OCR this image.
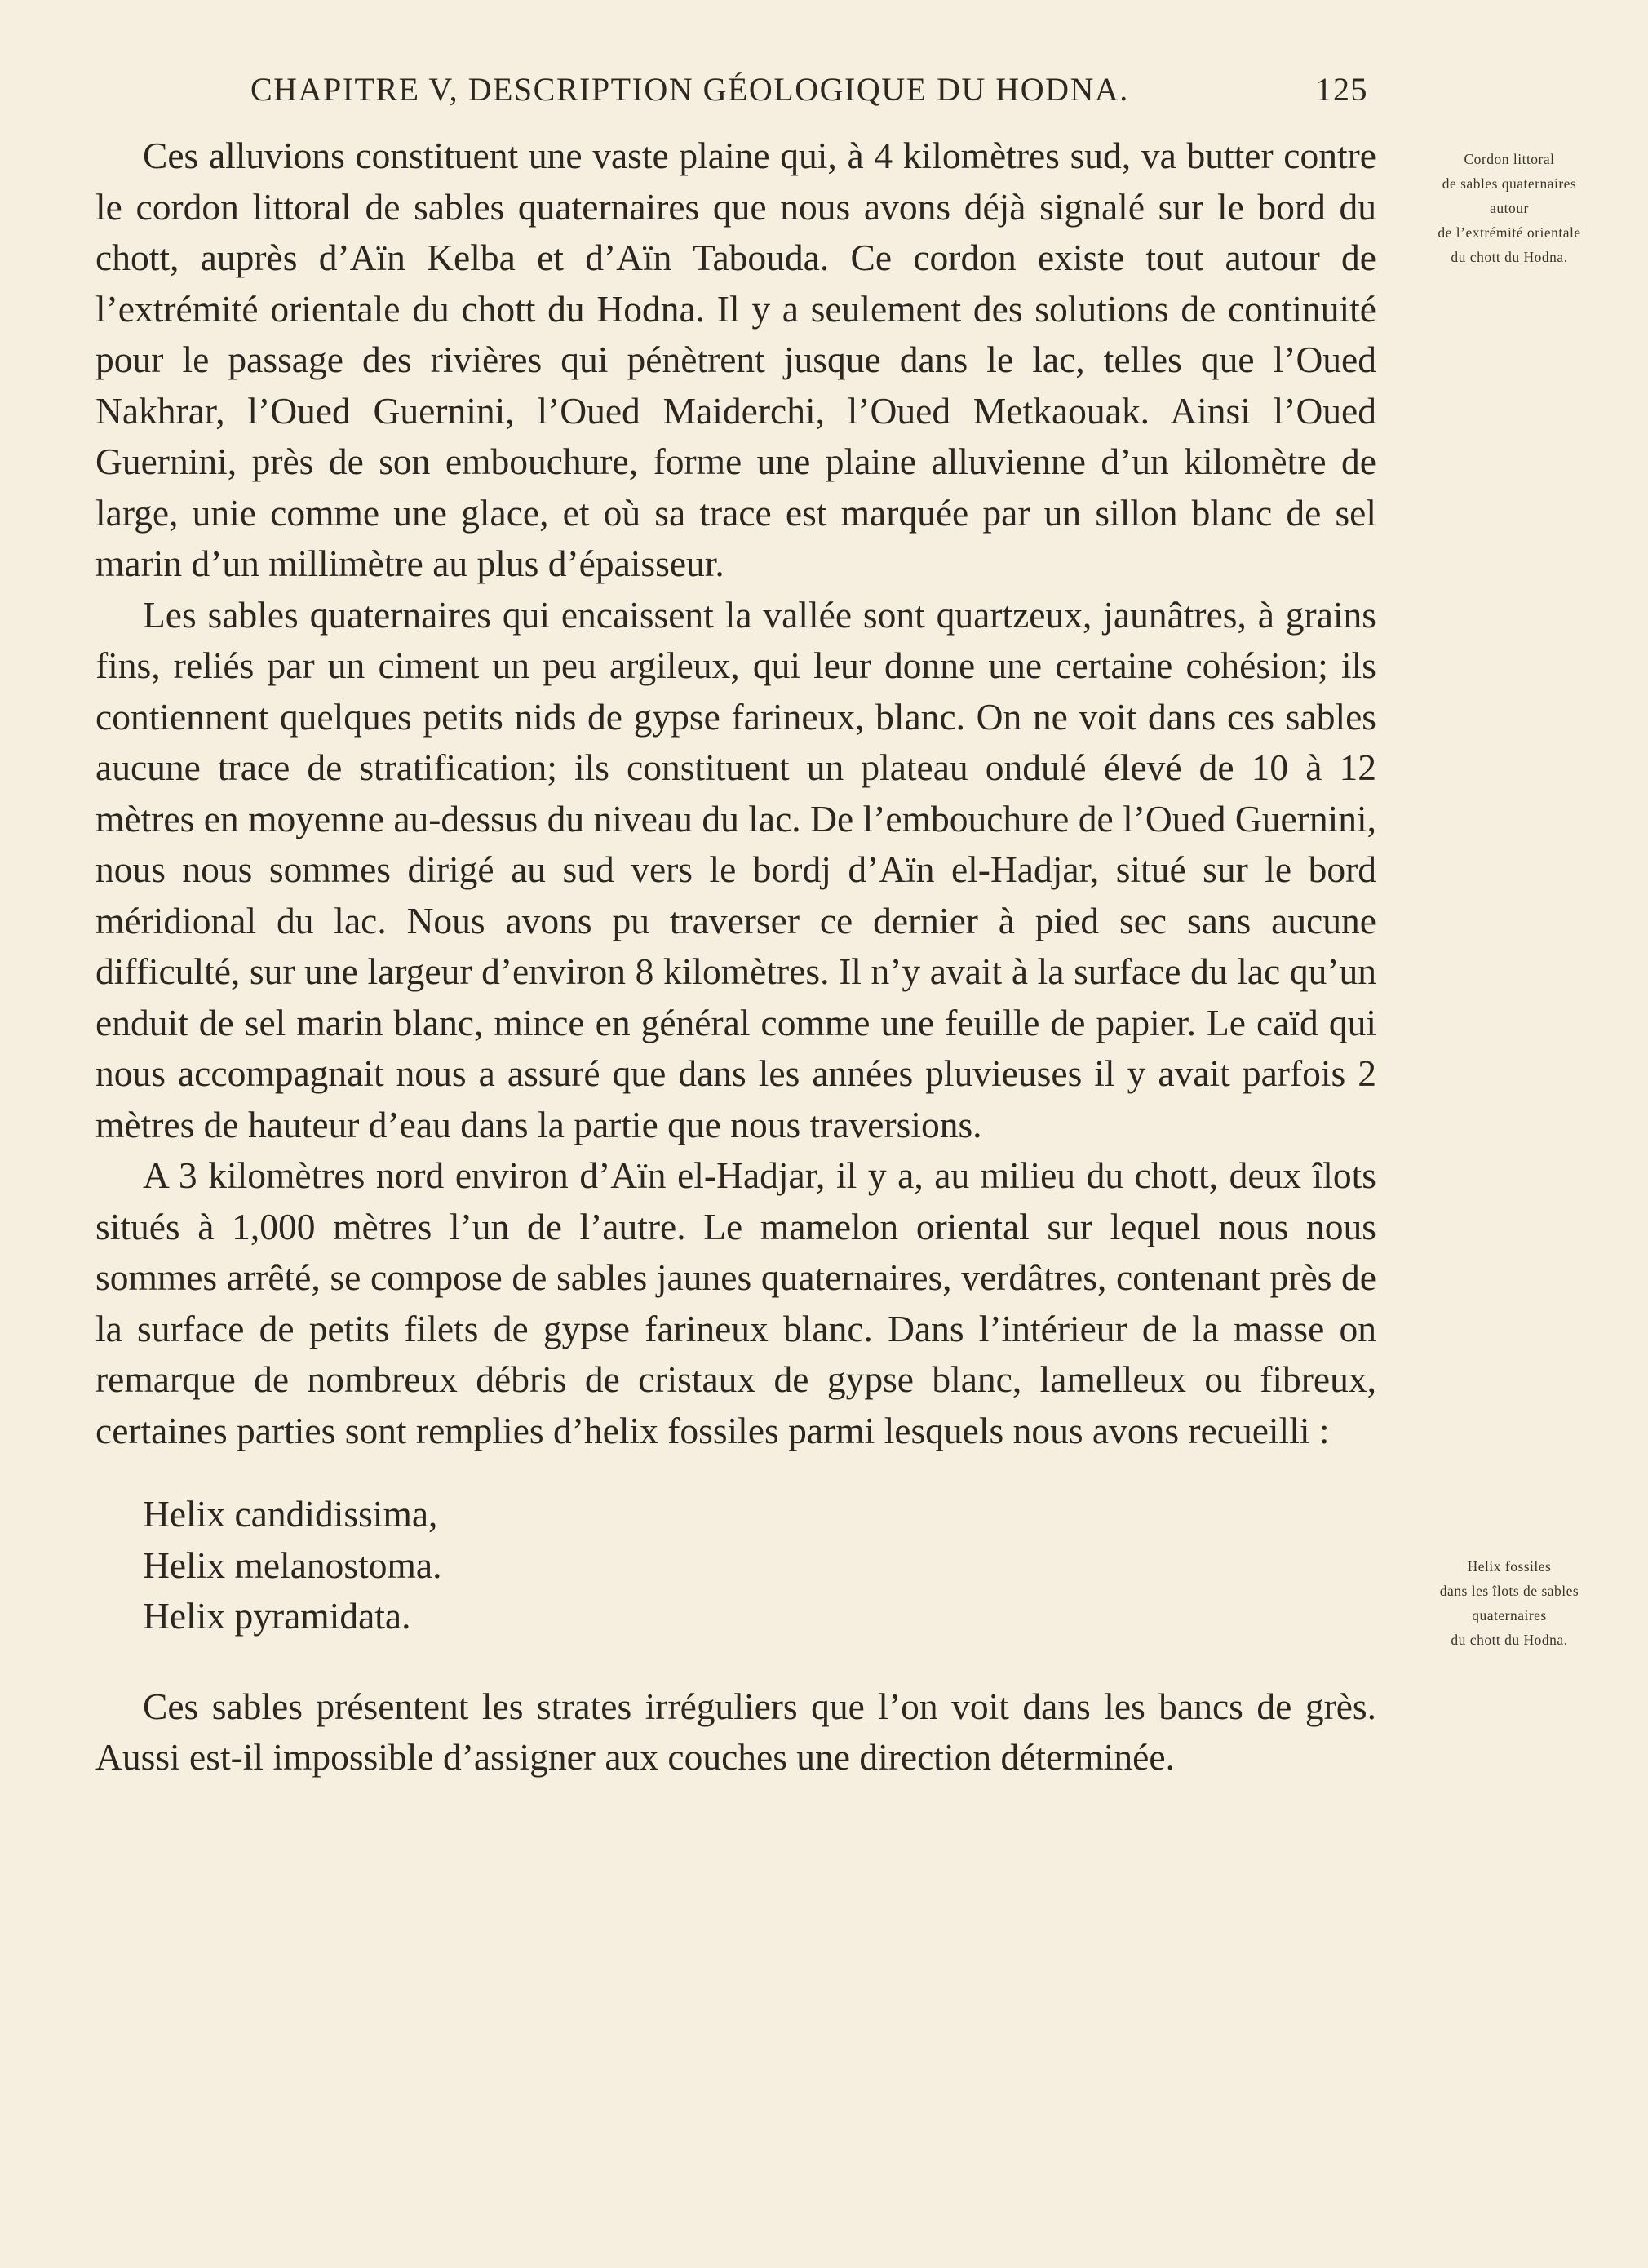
CHAPITRE V, DESCRIPTION GÉOLOGIQUE DU HODNA.	125

Ces alluvions constituent une vaste plaine qui, à 4 kilomètres sud, va butter contre le cordon littoral de sables quaternaires que nous avons déjà signalé sur le bord du chott, auprès d’Aïn Kelba et d’Aïn Tabouda. Ce cordon existe tout autour de l’extrémité orientale du chott du Hodna. Il y a seulement des solutions de continuité pour le passage des rivières qui pénètrent jusque dans le lac, telles que l’Oued Nakhrar, l’Oued Guernini, l’Oued Maiderchi, l’Oued Metkaouak. Ainsi l’Oued Guernini, près de son embouchure, forme une plaine alluvienne d’un kilomètre de large, unie comme une glace, et où sa trace est marquée par un sillon blanc de sel marin d’un millimètre au plus d’épaisseur.

Les sables quaternaires qui encaissent la vallée sont quartzeux, jaunâtres, à grains fins, reliés par un ciment un peu argileux, qui leur donne une certaine cohésion; ils contiennent quelques petits nids de gypse farineux, blanc. On ne voit dans ces sables aucune trace de stratification; ils constituent un plateau ondulé élevé de 10 à 12 mètres en moyenne au-dessus du niveau du lac. De l’embouchure de l’Oued Guernini, nous nous sommes dirigé au sud vers le bordj d’Aïn el-Hadjar, situé sur le bord méridional du lac. Nous avons pu traverser ce dernier à pied sec sans aucune difficulté, sur une largeur d’environ 8 kilomètres. Il n’y avait à la surface du lac qu’un enduit de sel marin blanc, mince en général comme une feuille de papier. Le caïd qui nous accompagnait nous a assuré que dans les années pluvieuses il y avait parfois 2 mètres de hauteur d’eau dans la partie que nous traversions.

A 3 kilomètres nord environ d’Aïn el-Hadjar, il y a, au milieu du chott, deux îlots situés à 1,000 mètres l’un de l’autre. Le mamelon oriental sur lequel nous nous sommes arrêté, se compose de sables jaunes quaternaires, verdâtres, contenant près de la surface de petits filets de gypse farineux blanc. Dans l’intérieur de la masse on remarque de nombreux débris de cristaux de gypse blanc, lamelleux ou fibreux, certaines parties sont remplies d’helix fossiles parmi lesquels nous avons recueilli :

Helix candidissima,
Helix melanostoma.
Helix pyramidata.

Ces sables présentent les strates irréguliers que l’on voit dans les bancs de grès. Aussi est-il impossible d’assigner aux couches une direction déterminée.

Cordon littoral
de sables quaternaires
autour
de l’extrémité orientale
du chott du Hodna.
Helix fossiles
dans les îlots de sables
quaternaires
du chott du Hodna.
